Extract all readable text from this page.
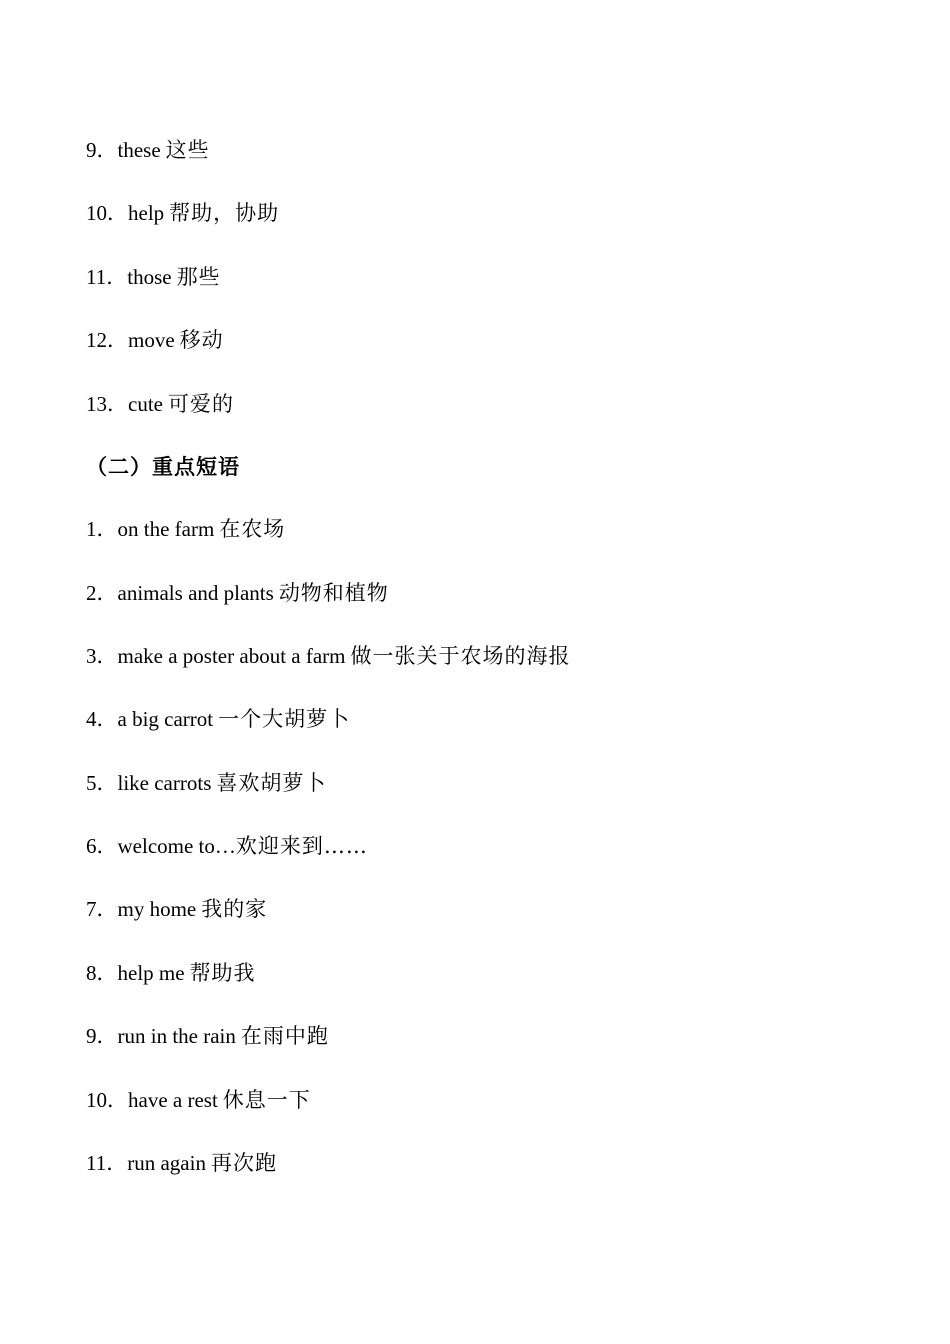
9．these 这些
10．help 帮助，协助
11．those 那些
12．move 移动
13．cute 可爱的
（二）重点短语
1．on the farm 在农场
2．animals and plants 动物和植物
3．make a poster about a farm 做一张关于农场的海报
4．a big carrot 一个大胡萝卜
5．like carrots 喜欢胡萝卜
6．welcome to…欢迎来到……
7．my home 我的家
8．help me 帮助我
9．run in the rain 在雨中跑
10．have a rest 休息一下
11．run again 再次跑
